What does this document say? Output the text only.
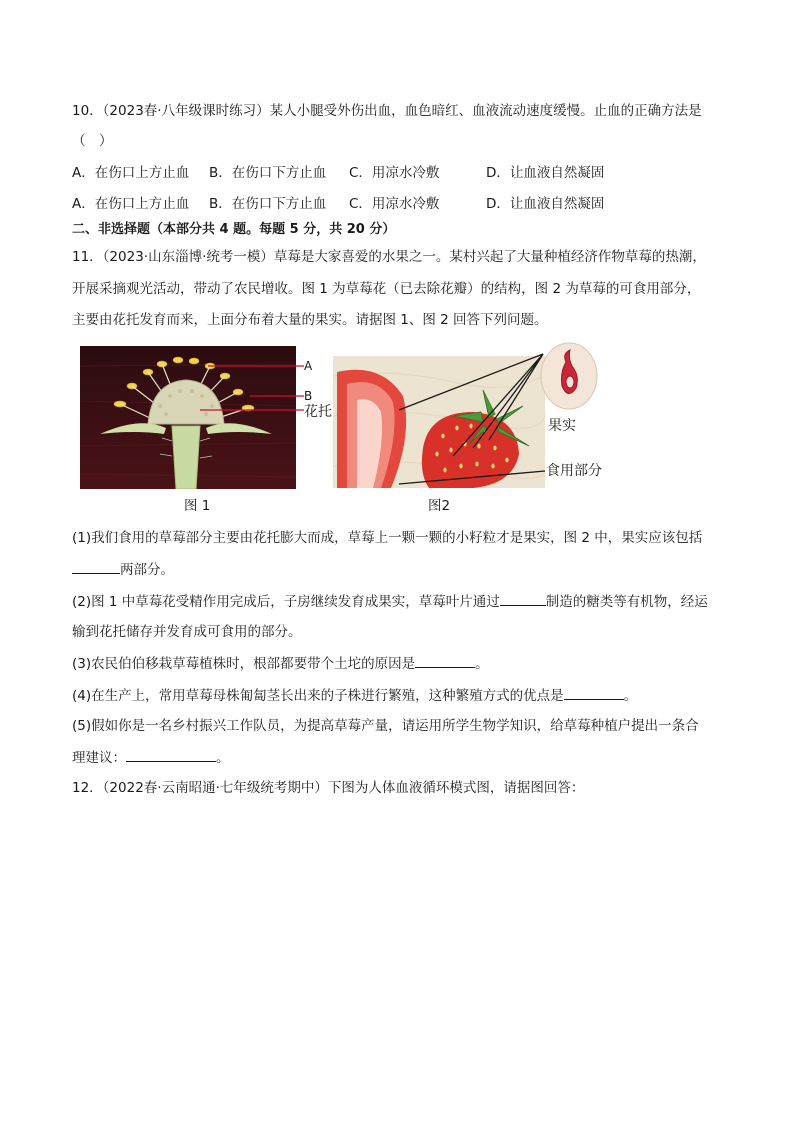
10．（2023春·八年级课时练习）某人小腿受外伤出血，血色暗红、血液流动速度缓慢。止血的正确方法是
（　）
A．在伤口上方止血 B．在伤口下方止血 C．用凉水冷敷	D．让血液自然凝固
A．在伤口上方止血 B．在伤口下方止血 C．用凉水冷敷	D．让血液自然凝固
二、非选择题（本部分共 4 题。每题 5 分，共 20 分）
11．（2023·山东淄博·统考一模）草莓是大家喜爱的水果之一。某村兴起了大量种植经济作物草莓的热潮，
开展采摘观光活动，带动了农民增收。图 1 为草莓花（已去除花瓣）的结构，图 2 为草莓的可食用部分，
主要由花托发育而来，上面分布着大量的果实。请据图 1、图 2 回答下列问题。
A
B
花托
图 1
果实
食用部分
图2
(1)我们食用的草莓部分主要由花托膨大而成，草莓上一颗一颗的小籽粒才是果实，图 2 中，果实应该包括
两部分。
(2)图 1 中草莓花受精作用完成后，子房继续发育成果实，草莓叶片通过	制造的糖类等有机物，经运
输到花托储存并发育成可食用的部分。
(3)农民伯伯移栽草莓植株时，根部都要带个土坨的原因是	。
(4)在生产上，常用草莓母株匍匐茎长出来的子株进行繁殖，这种繁殖方式的优点是	。
(5)假如你是一名乡村振兴工作队员，为提高草莓产量，请运用所学生物学知识，给草莓种植户提出一条合
理建议：	。
12．（2022春·云南昭通·七年级统考期中）下图为人体血液循环模式图，请据图回答：
